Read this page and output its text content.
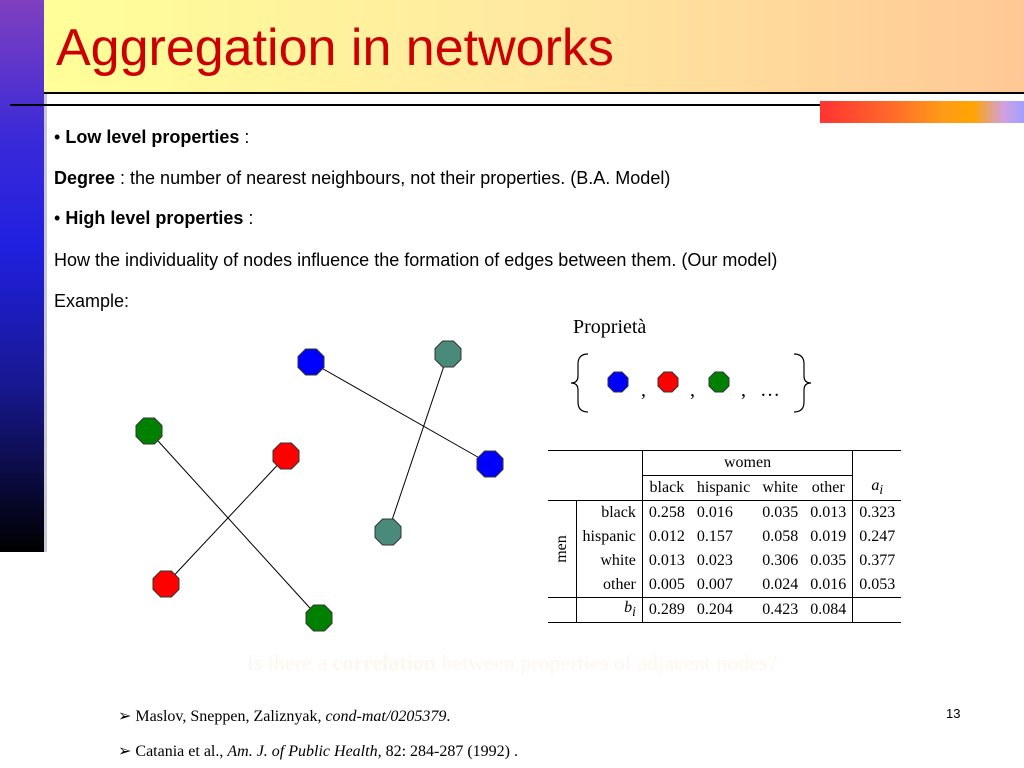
Aggregation in networks

• Low level properties :

Degree : the number of nearest neighbours, not their properties. (B.A. Model)

• High level properties :

How the individuality of nodes influence the formation of edges between them. (Our model)

Example:

Proprietà
, , , …
		women				
		black	hispanic	white	other	$a_i$
men	black	0.258	0.016	0.035	0.013	0.323
	hispanic	0.012	0.157	0.058	0.019	0.247
	white	0.013	0.023	0.306	0.035	0.377
	other	0.005	0.007	0.024	0.016	0.053
	$b_i$	0.289	0.204	0.423	0.084	
Is there a correlation between properties of adjacent nodes?
➢ Maslov, Sneppen, Zaliznyak, cond-mat/0205379.
➢ Catania et al., Am. J. of Public Health, 82: 284-287 (1992) .
13
